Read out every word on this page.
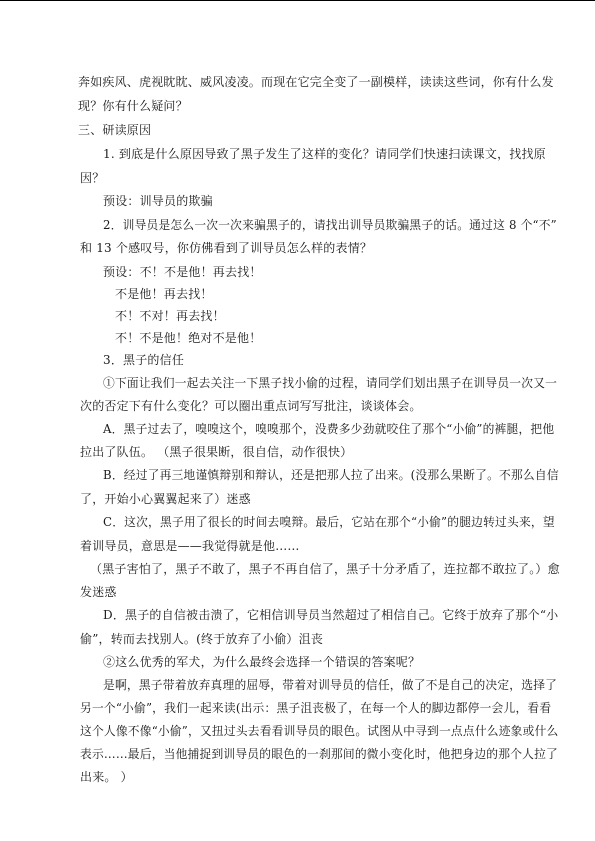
奔如疾风、虎视眈眈、威风凌凌。而现在它完全变了一副模样，读读这些词，你有什么发
现？你有什么疑问？
三、研读原因
1. 到底是什么原因导致了黑子发生了这样的变化？请同学们快速扫读课文，找找原
因？
预设：训导员的欺骗
2．训导员是怎么一次一次来骗黑子的，请找出训导员欺骗黑子的话。通过这 8 个“不”
和 13 个感叹号，你仿佛看到了训导员怎么样的表情？
预设：不！不是他！再去找！
不是他！再去找！
不！不对！再去找！
不！不是他！绝对不是他！
3．黑子的信任
①下面让我们一起去关注一下黑子找小偷的过程，请同学们划出黑子在训导员一次又一
次的否定下有什么变化？可以圈出重点词写写批注，谈谈体会。
A．黑子过去了，嗅嗅这个，嗅嗅那个，没费多少劲就咬住了那个“小偷”的裤腿，把他
拉出了队伍。 （黑子很果断，很自信，动作很快）
B．经过了再三地谨慎辩别和辩认，还是把那人拉了出来。(没那么果断了。不那么自信
了，开始小心翼翼起来了）迷惑
C．这次，黑子用了很长的时间去嗅辩。最后，它站在那个“小偷”的腿边转过头来，望
着训导员，意思是——我觉得就是他……
（黑子害怕了，黑子不敢了，黑子不再自信了，黑子十分矛盾了，连拉都不敢拉了。）愈
发迷惑
D．黑子的自信被击溃了，它相信训导员当然超过了相信自己。它终于放弃了那个“小
偷”，转而去找别人。(终于放弃了小偷）沮丧
②这么优秀的军犬，为什么最终会选择一个错误的答案呢？
是啊，黑子带着放弃真理的屈辱，带着对训导员的信任，做了不是自己的决定，选择了
另一个“小偷”，我们一起来读(出示：黑子沮丧极了，在每一个人的脚边都停一会儿，看看
这个人像不像“小偷”，又扭过头去看看训导员的眼色。试图从中寻到一点点什么迹象或什么
表示……最后，当他捕捉到训导员的眼色的一刹那间的微小变化时，他把身边的那个人拉了
出来。 ）
